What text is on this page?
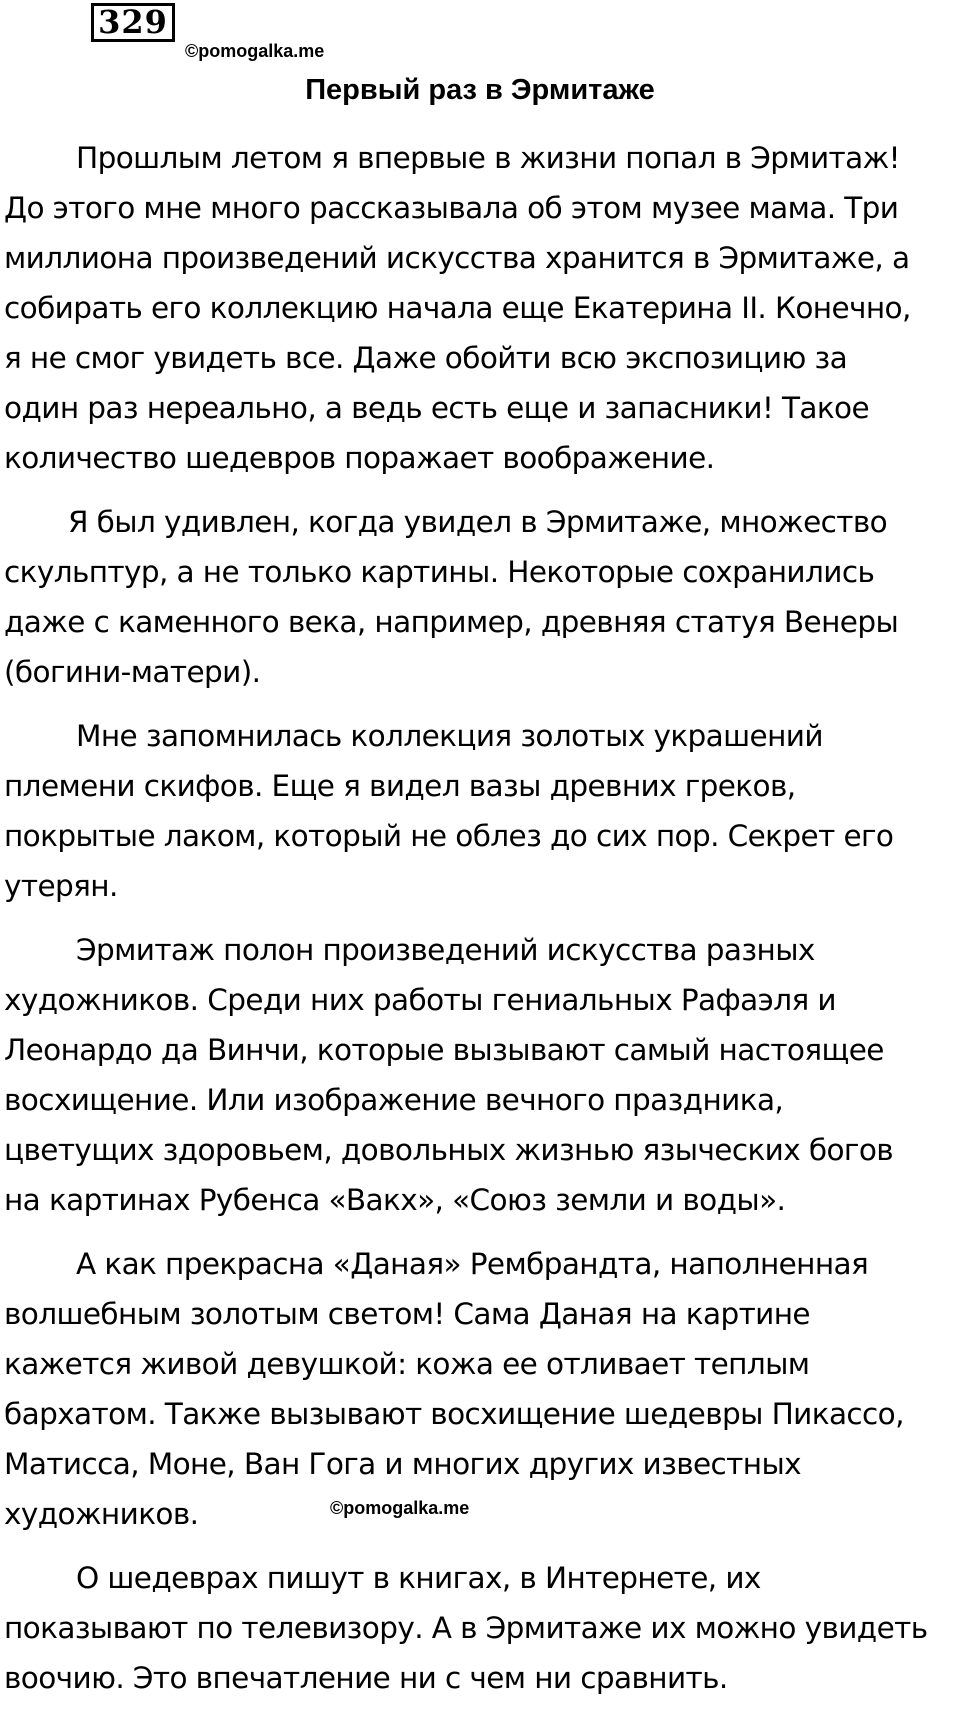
329
©pomogalka.me
Первый раз в Эрмитаже
Прошлым летом я впервые в жизни попал в Эрмитаж!
До этого мне много рассказывала об этом музее мама. Три
миллиона произведений искусства хранится в Эрмитаже, а
собирать его коллекцию начала еще Екатерина II. Конечно,
я не смог увидеть все. Даже обойти всю экспозицию за
один раз нереально, а ведь есть еще и запасники! Такое
количество шедевров поражает воображение.
Я был удивлен, когда увидел в Эрмитаже, множество
скульптур, а не только картины. Некоторые сохранились
даже с каменного века, например, древняя статуя Венеры
(богини-матери).
Мне запомнилась коллекция золотых украшений
племени скифов. Еще я видел вазы древних греков,
покрытые лаком, который не облез до сих пор. Секрет его
утерян.
Эрмитаж полон произведений искусства разных
художников. Среди них работы гениальных Рафаэля и
Леонардо да Винчи, которые вызывают самый настоящее
восхищение. Или изображение вечного праздника,
цветущих здоровьем, довольных жизнью языческих богов
на картинах Рубенса «Вакх», «Союз земли и воды».
А как прекрасна «Даная» Рембрандта, наполненная
волшебным золотым светом! Сама Даная на картине
кажется живой девушкой: кожа ее отливает теплым
бархатом. Также вызывают восхищение шедевры Пикассо,
Матисса, Моне, Ван Гога и многих других известных
художников.
О шедеврах пишут в книгах, в Интернете, их
показывают по телевизору. А в Эрмитаже их можно увидеть
воочию. Это впечатление ни с чем ни сравнить.
©pomogalka.me
